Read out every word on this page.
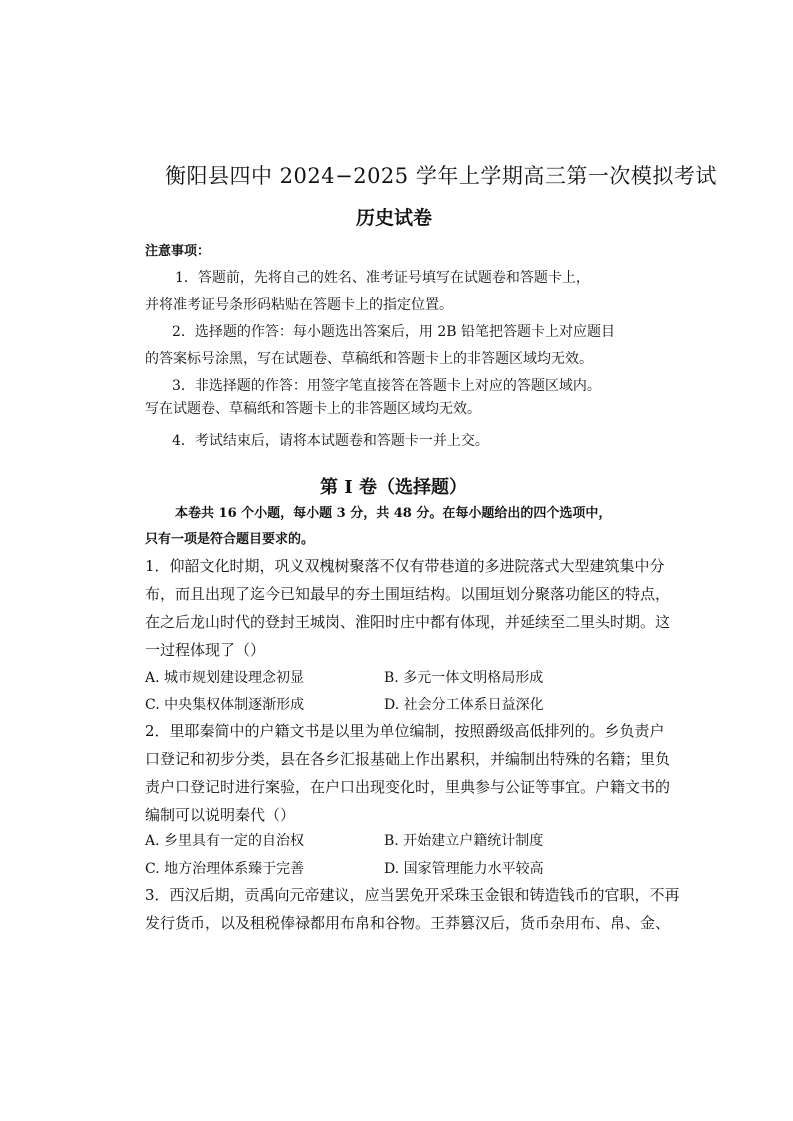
衡阳县四中 2024−2025 学年上学期高三第一次模拟考试
历史试卷
注意事项：
1．答题前，先将自己的姓名、准考证号填写在试题卷和答题卡上，
并将准考证号条形码粘贴在答题卡上的指定位置。
2．选择题的作答：每小题选出答案后，用 2B 铅笔把答题卡上对应题目
的答案标号涂黑，写在试题卷、草稿纸和答题卡上的非答题区域均无效。
3．非选择题的作答：用签字笔直接答在答题卡上对应的答题区域内。
写在试题卷、草稿纸和答题卡上的非答题区域均无效。
4．考试结束后，请将本试题卷和答题卡一并上交。
第 I 卷（选择题）
本卷共 16 个小题，每小题 3 分，共 48 分。在每小题给出的四个选项中，
只有一项是符合题目要求的。
1．仰韶文化时期，巩义双槐树聚落不仅有带巷道的多进院落式大型建筑集中分
布，而且出现了迄今已知最早的夯土围垣结构。以围垣划分聚落功能区的特点，
在之后龙山时代的登封王城岗、淮阳时庄中都有体现，并延续至二里头时期。这
一过程体现了（）
A. 城市规划建设理念初显	B. 多元一体文明格局形成
C. 中央集权体制逐渐形成	D. 社会分工体系日益深化
2．里耶秦简中的户籍文书是以里为单位编制，按照爵级高低排列的。乡负责户
口登记和初步分类，县在各乡汇报基础上作出累积，并编制出特殊的名籍；里负
责户口登记时进行案验，在户口出现变化时，里典参与公证等事宜。户籍文书的
编制可以说明秦代（）
A. 乡里具有一定的自治权	B. 开始建立户籍统计制度
C. 地方治理体系臻于完善	D. 国家管理能力水平较高
3．西汉后期，贡禹向元帝建议，应当罢免开采珠玉金银和铸造钱币的官职，不再
发行货币，以及租税俸禄都用布帛和谷物。王莽篡汉后，货币杂用布、帛、金、
